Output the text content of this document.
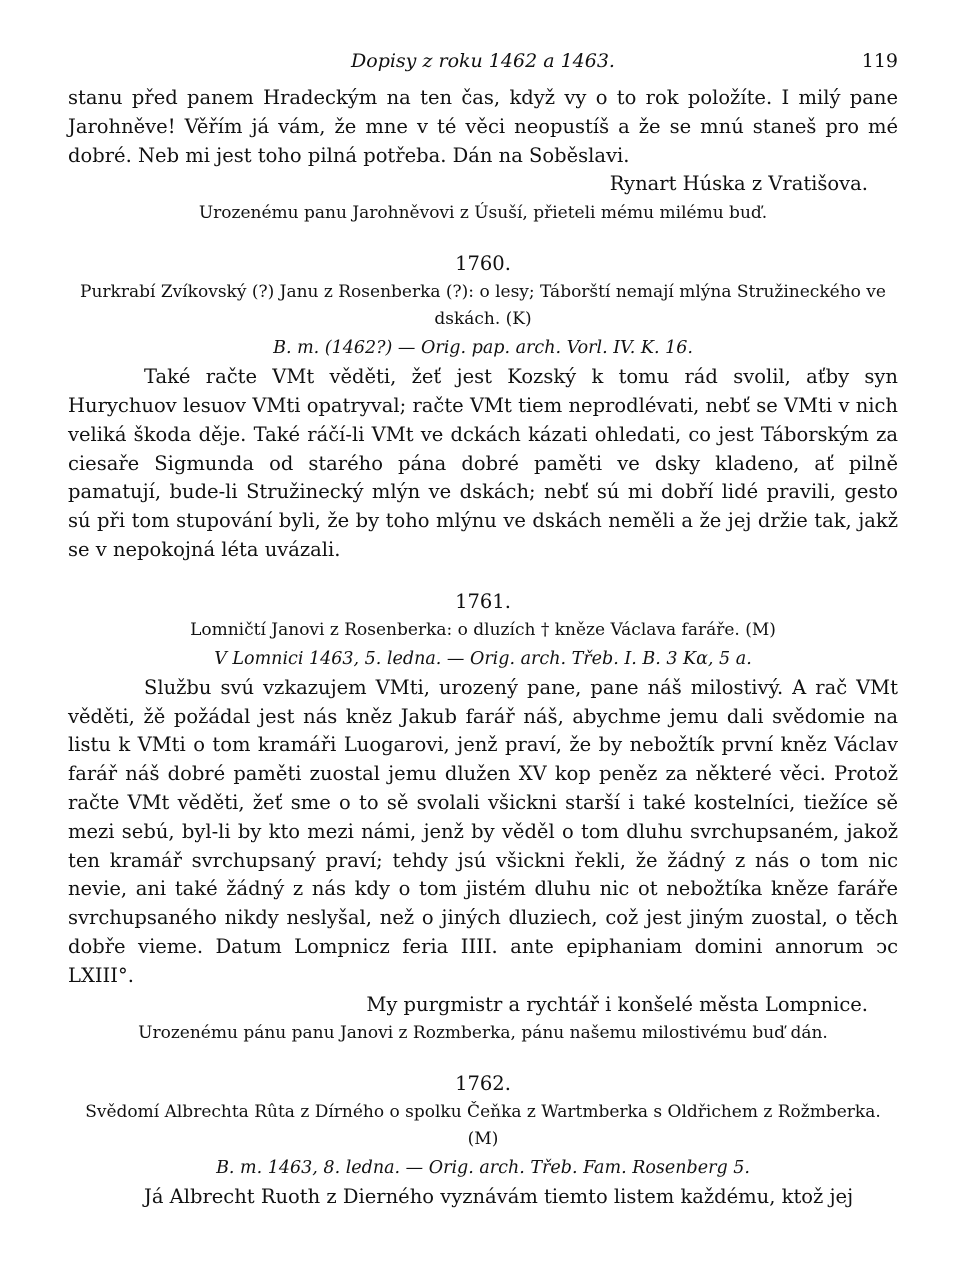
Dopisy z roku 1462 a 1463.	119

stanu před panem Hradeckým na ten čas, když vy o to rok položíte. I milý pane Jarohněve! Věřím já vám, že mne v té věci neopustíš a že se mnú staneš pro mé dobré. Neb mi jest toho pilná potřeba. Dán na Soběslavi.

Rynart Húska z Vratišova.

Urozenému panu Jarohněvovi z Úsuší, přieteli mému milému buď.

1760.
Purkrabí Zvíkovský (?) Janu z Rosenberka (?): o lesy; Táborští nemají mlýna Stružineckého ve dskách. (K)
B. m. (1462?) — Orig. pap. arch. Vorl. IV. K. 16.

Také račte VMt věděti, žeť jest Kozský k tomu rád svolil, aťby syn Hurychuov lesuov VMti opatryval; račte VMt tiem neprodlévati, nebť se VMti v nich veliká škoda děje. Také ráčí-li VMt ve dckách kázati ohledati, co jest Táborským za ciesaře Sigmunda od starého pána dobré paměti ve dsky kladeno, ať pilně pamatují, bude-li Stružinecký mlýn ve dskách; nebť sú mi dobří lidé pravili, gesto sú při tom stupování byli, že by toho mlýnu ve dskách neměli a že jej držie tak, jakž se v nepokojná léta uvázali.

1761.
Lomničtí Janovi z Rosenberka: o dluzích † kněze Václava faráře. (M)
V Lomnici 1463, 5. ledna. — Orig. arch. Třeb. I. B. 3 Kα, 5 a.

Službu svú vzkazujem VMti, urozený pane, pane náš milostivý. A rač VMt věděti, žě požádal jest nás kněz Jakub farář náš, abychme jemu dali svědomie na listu k VMti o tom kramáři Luogarovi, jenž praví, že by nebožtík první kněz Václav farář náš dobré paměti zuostal jemu dlužen XV kop peněz za některé věci. Protož račte VMt věděti, žeť sme o to sě svolali všicknі starší i také kostelníci, tiežíce sě mezi sebú, byl-li by kto mezi námi, jenž by věděl o tom dluhu svrchupsaném, jakož ten kramář svrchupsaný praví; tehdy jsú všicknі řekli, že žádný z nás o tom nic nevie, ani také žádný z nás kdy o tom jistém dluhu nic ot nebožtíka kněze faráře svrchupsaného nikdy neslyšal, než o jiných dluziech, což jest jiným zuostal, o těch dobře vieme. Datum Lompnicz feria IIII. ante epiphaniam domini annorum ↄc LXIII°.

My purgmistr a rychtář i konšelé města Lompnice.

Urozenému pánu panu Janovi z Rozmberka, pánu našemu milostivému buď dán.

1762.
Svědomí Albrechta Rûta z Dírného o spolku Čeňka z Wartmberka s Oldřichem z Rožmberka. (M)
B. m. 1463, 8. ledna. — Orig. arch. Třeb. Fam. Rosenberg 5.

Já Albrecht Ruoth z Dierného vyznávám tiemto listem každému, ktož jej
